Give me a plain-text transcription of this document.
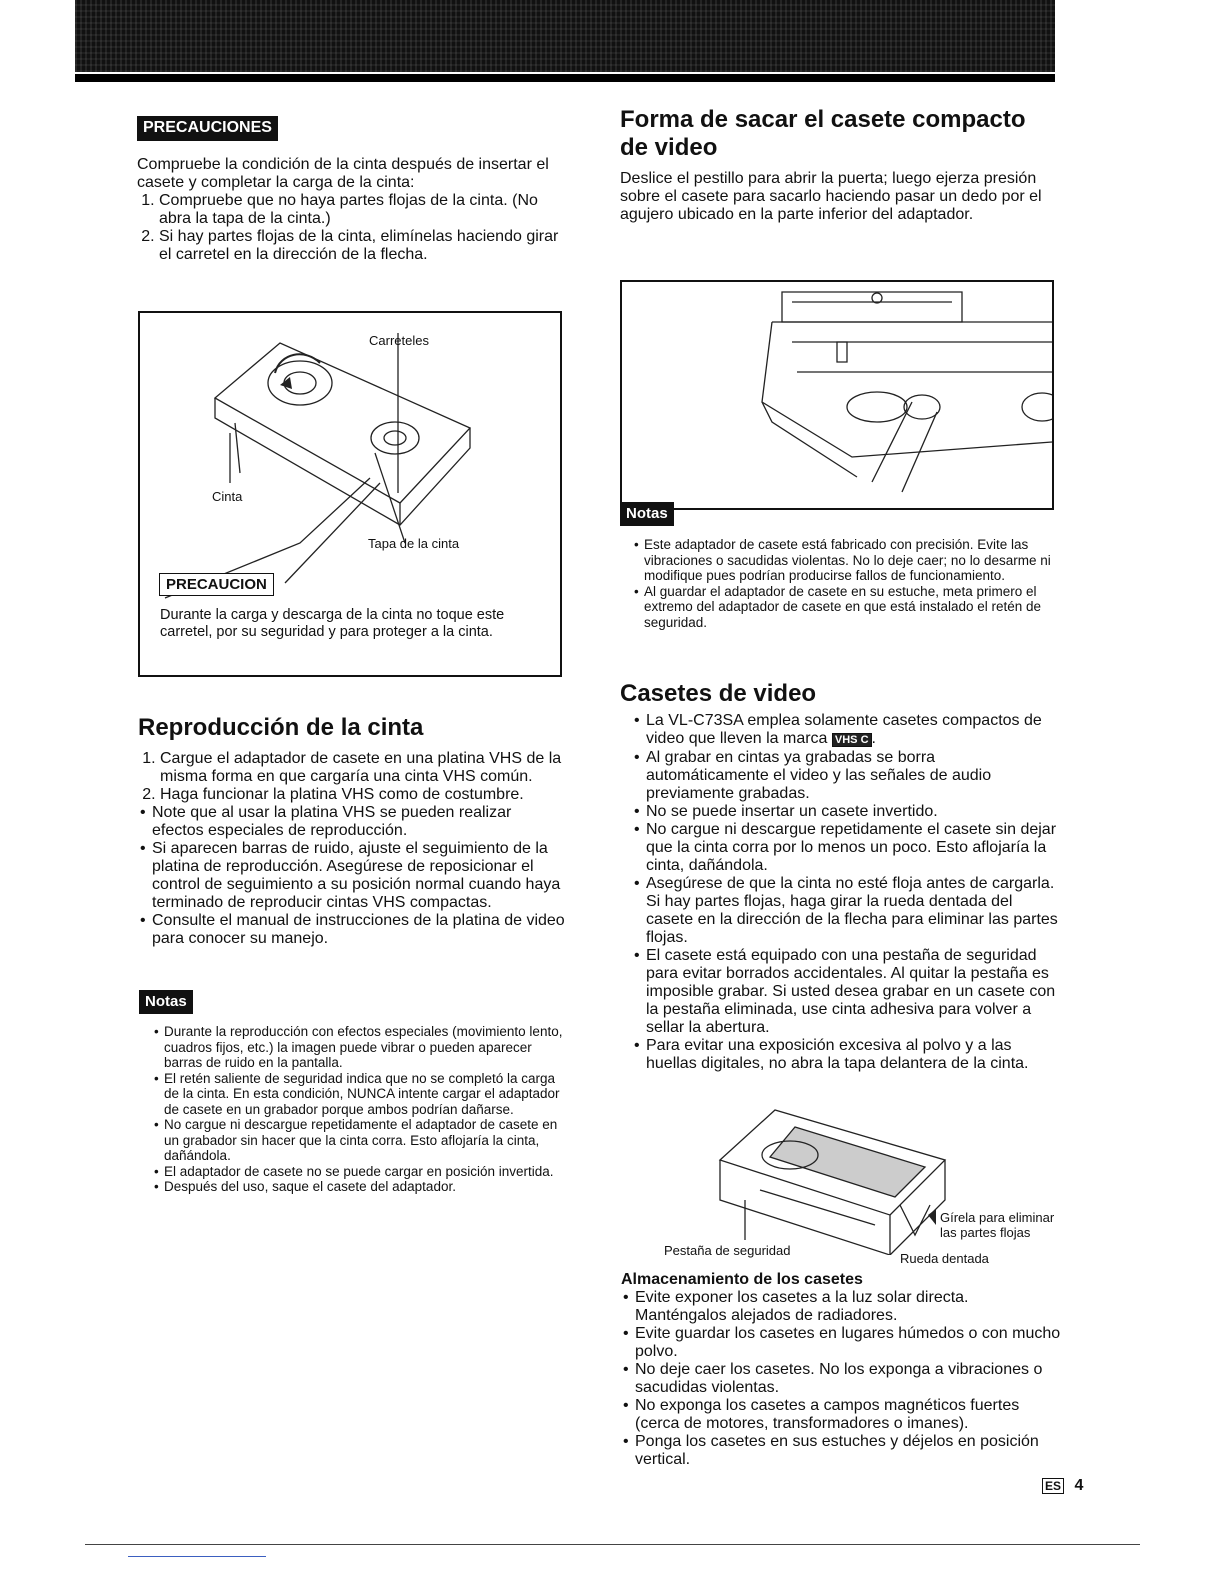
PRECAUCIONES

Compruebe la condición de la cinta después de insertar el casete y completar la carga de la cinta:

1. Compruebe que no haya partes flojas de la cinta. (No abra la tapa de la cinta.)
2. Si hay partes flojas de la cinta, elimínelas haciendo girar el carretel en la dirección de la flecha.
Carreteles
Cinta
Tapa de la cinta
PRECAUCION

Durante la carga y descarga de la cinta no toque este carretel, por su seguridad y para proteger a la cinta.

Reproducción de la cinta
1. Cargue el adaptador de casete en una platina VHS de la misma forma en que cargaría una cinta VHS común.
2. Haga funcionar la platina VHS como de costumbre.
• Note que al usar la platina VHS se pueden realizar efectos especiales de reproducción.
• Si aparecen barras de ruido, ajuste el seguimiento de la platina de reproducción. Asegúrese de reposicionar el control de seguimiento a su posición normal cuando haya terminado de reproducir cintas VHS compactas.
• Consulte el manual de instrucciones de la platina de video para conocer su manejo.
Notas
• Durante la reproducción con efectos especiales (movimiento lento, cuadros fijos, etc.) la imagen puede vibrar o pueden aparecer barras de ruido en la pantalla.
• El retén saliente de seguridad indica que no se completó la carga de la cinta. En esta condición, NUNCA intente cargar el adaptador de casete en un grabador porque ambos podrían dañarse.
• No cargue ni descargue repetidamente el adaptador de casete en un grabador sin hacer que la cinta corra. Esto aflojaría la cinta, dañándola.
• El adaptador de casete no se puede cargar en posición invertida.
• Después del uso, saque el casete del adaptador.
Forma de sacar el casete compacto de video

Deslice el pestillo para abrir la puerta; luego ejerza presión sobre el casete para sacarlo haciendo pasar un dedo por el agujero ubicado en la parte inferior del adaptador.

Notas
• Este adaptador de casete está fabricado con precisión. Evite las vibraciones o sacudidas violentas. No lo deje caer; no lo desarme ni modifique pues podrían producirse fallos de funcionamiento.
• Al guardar el adaptador de casete en su estuche, meta primero el extremo del adaptador de casete en que está instalado el retén de seguridad.
Casetes de video
• La VL-C73SA emplea solamente casetes compactos de video que lleven la marca VHS C .
• Al grabar en cintas ya grabadas se borra automáticamente el video y las señales de audio previamente grabadas.
• No se puede insertar un casete invertido.
• No cargue ni descargue repetidamente el casete sin dejar que la cinta corra por lo menos un poco. Esto aflojaría la cinta, dañándola.
• Asegúrese de que la cinta no esté floja antes de cargarla. Si hay partes flojas, haga girar la rueda dentada del casete en la dirección de la flecha para eliminar las partes flojas.
• El casete está equipado con una pestaña de seguridad para evitar borrados accidentales. Al quitar la pestaña es imposible grabar. Si usted desea grabar en un casete con la pestaña eliminada, use cinta adhesiva para volver a sellar la abertura.
• Para evitar una exposición excesiva al polvo y a las huellas digitales, no abra la tapa delantera de la cinta.
Gírela para eliminar
las partes flojas
Pestaña de seguridad
Rueda dentada

Almacenamiento de los casetes

• Evite exponer los casetes a la luz solar directa. Manténgalos alejados de radiadores.
• Evite guardar los casetes en lugares húmedos o con mucho polvo.
• No deje caer los casetes. No los exponga a vibraciones o sacudidas violentas.
• No exponga los casetes a campos magnéticos fuertes (cerca de motores, transformadores o imanes).
• Ponga los casetes en sus estuches y déjelos en posición vertical.
ES 4
